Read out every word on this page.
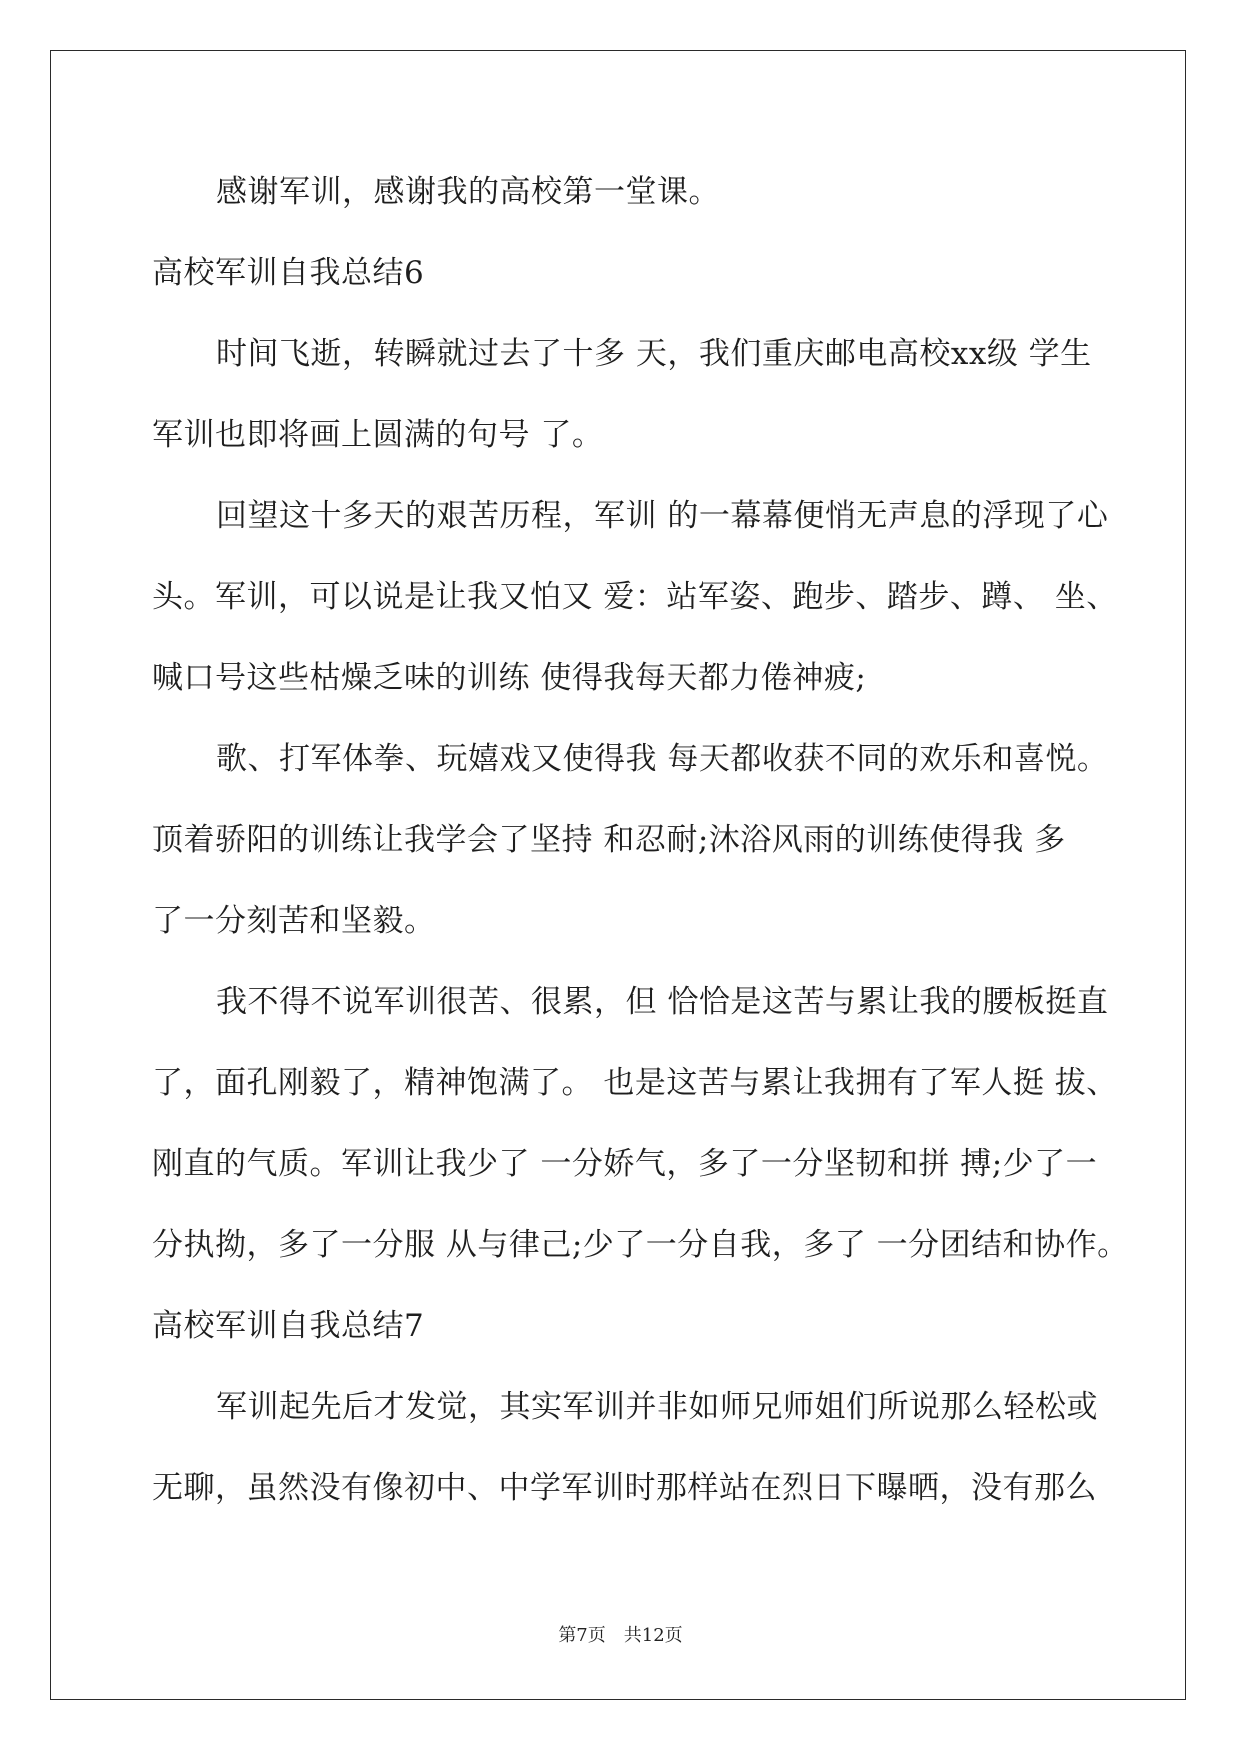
感谢军训，感谢我的高校第一堂课。
高校军训自我总结6
时间飞逝，转瞬就过去了十多 天，我们重庆邮电高校xx级 学生
军训也即将画上圆满的句号 了。
回望这十多天的艰苦历程，军训 的一幕幕便悄无声息的浮现了心
头。军训，可以说是让我又怕又 爱：站军姿、跑步、踏步、蹲、 坐、
喊口号这些枯燥乏味的训练 使得我每天都力倦神疲;
歌、打军体拳、玩嬉戏又使得我 每天都收获不同的欢乐和喜悦。
顶着骄阳的训练让我学会了坚持 和忍耐;沐浴风雨的训练使得我 多
了一分刻苦和坚毅。
我不得不说军训很苦、很累，但 恰恰是这苦与累让我的腰板挺直
了，面孔刚毅了，精神饱满了。 也是这苦与累让我拥有了军人挺 拔、
刚直的气质。军训让我少了 一分娇气，多了一分坚韧和拼 搏;少了一
分执拗，多了一分服 从与律己;少了一分自我，多了 一分团结和协作。
高校军训自我总结7
军训起先后才发觉，其实军训并非如师兄师姐们所说那么轻松或
无聊，虽然没有像初中、中学军训时那样站在烈日下曝晒，没有那么
第7页　共12页
